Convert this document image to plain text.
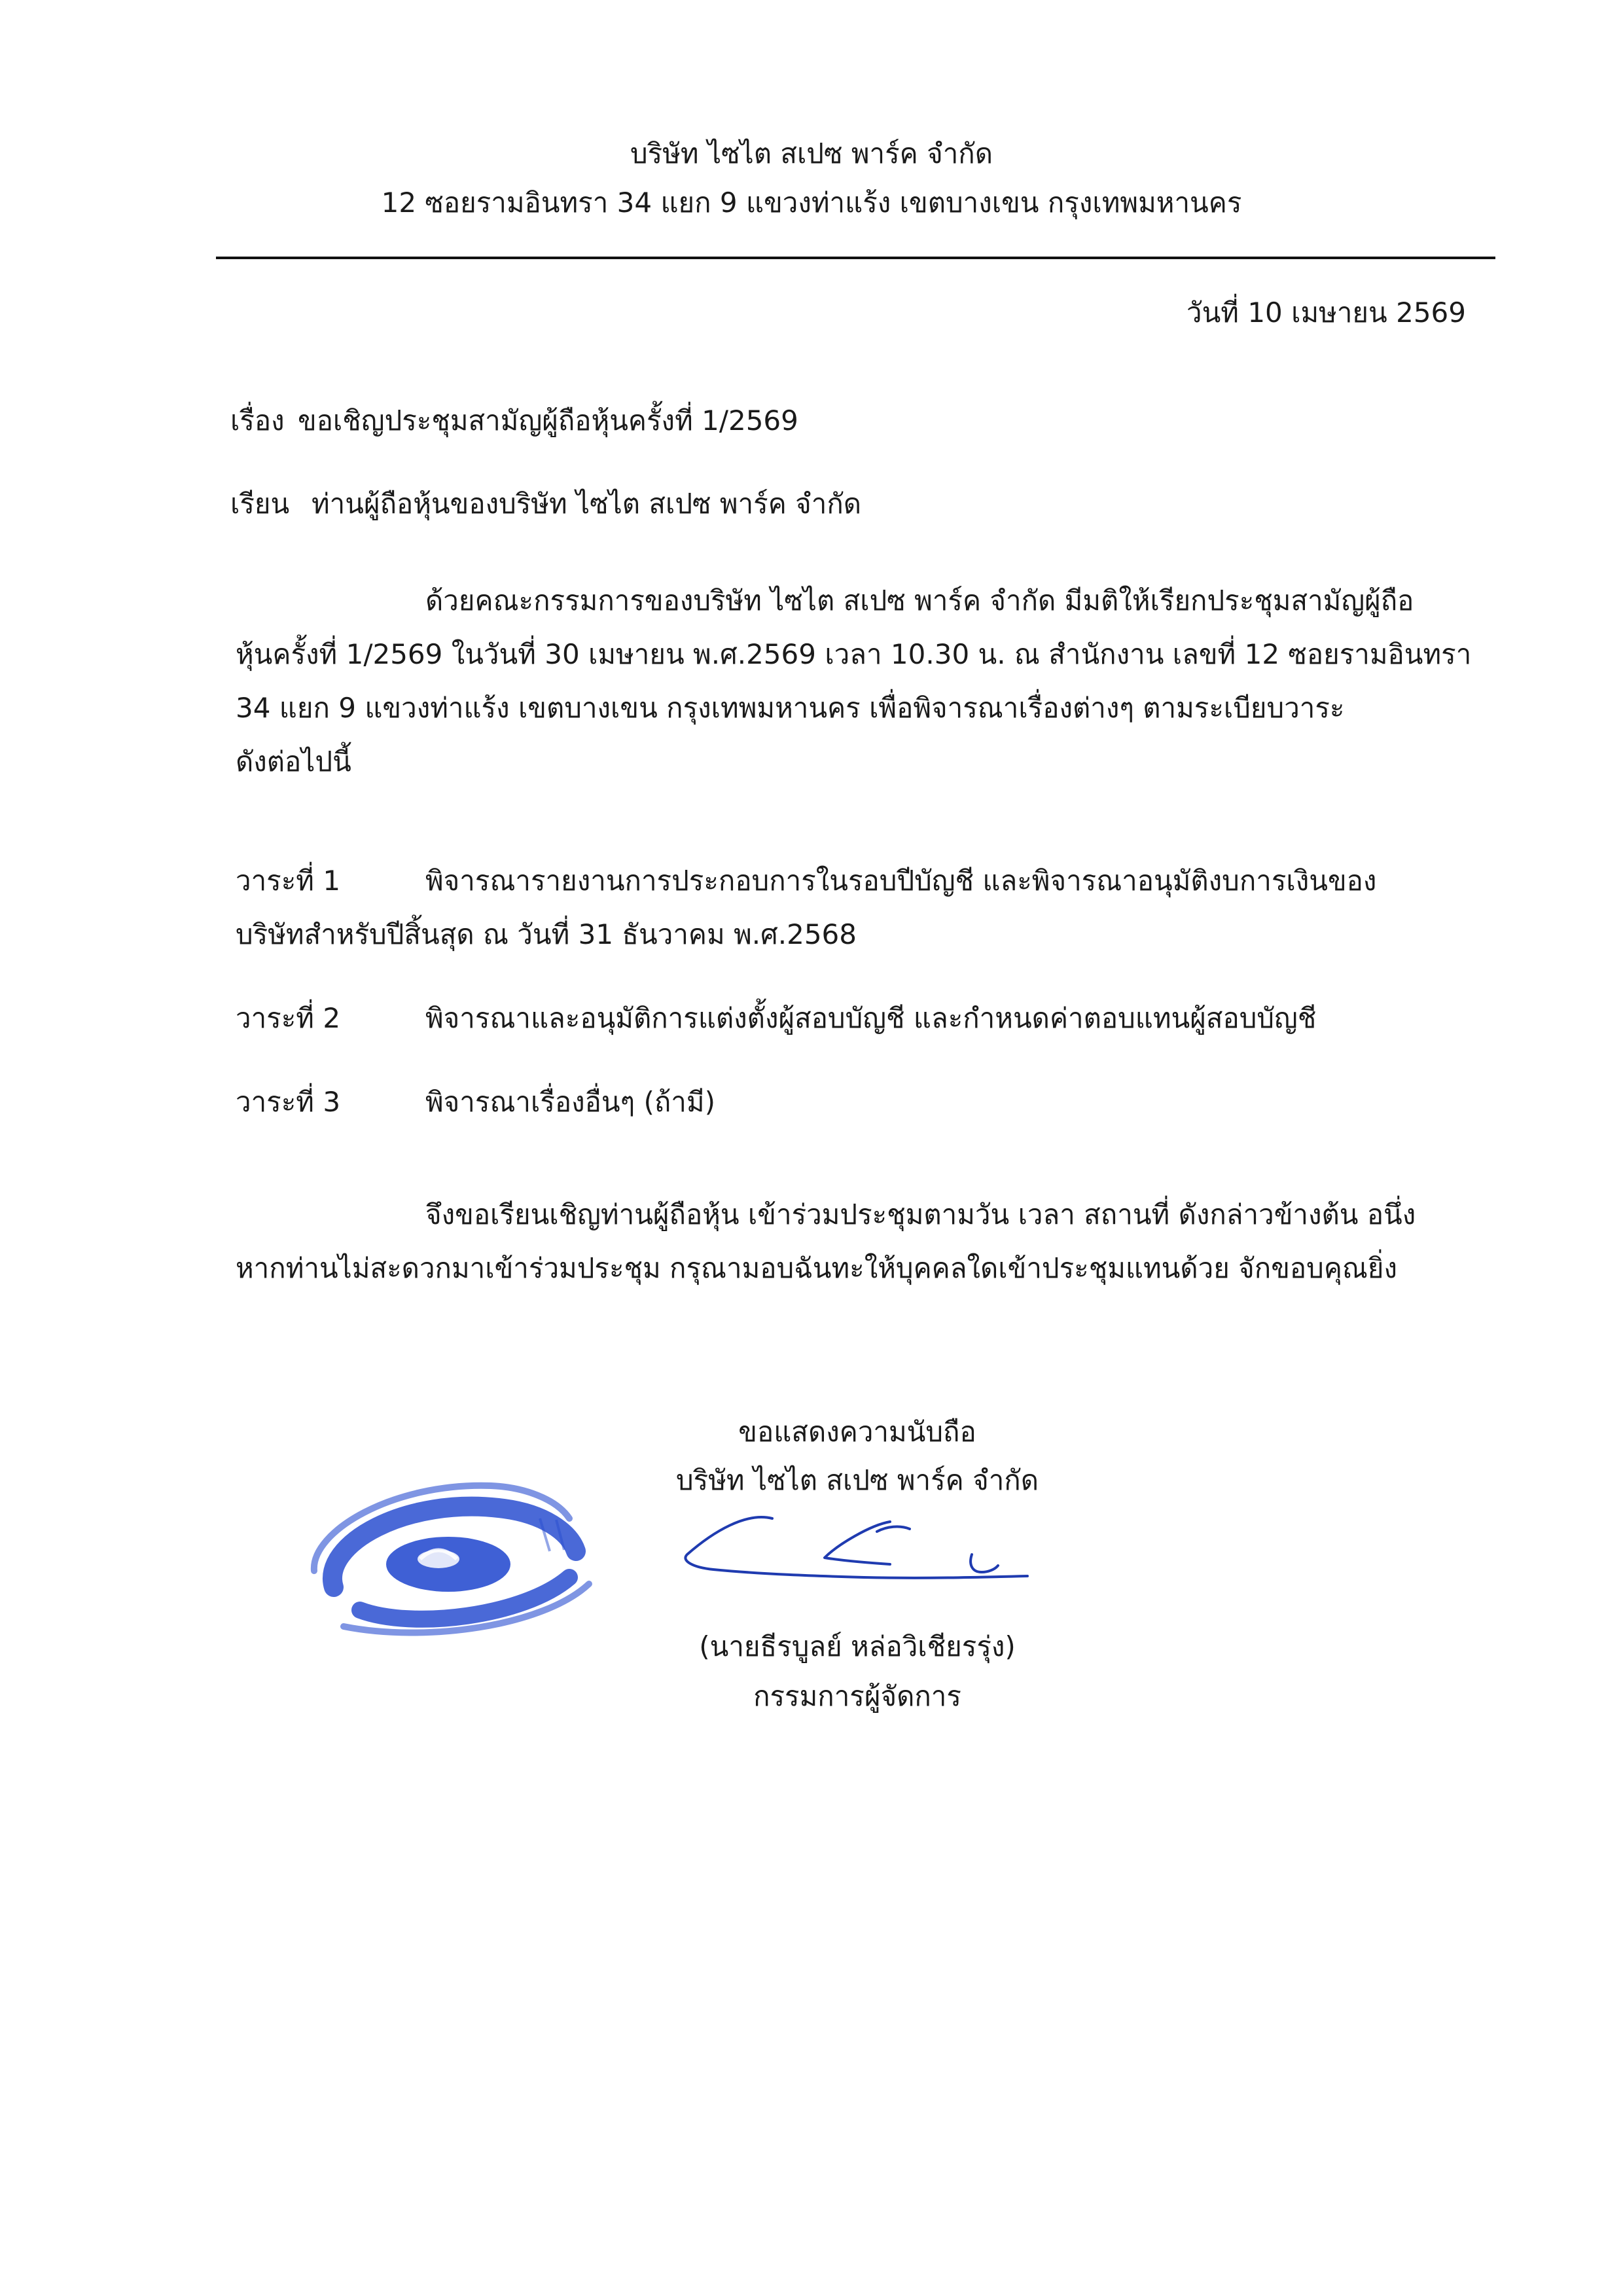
บริษัท ไซไต สเปซ พาร์ค จำกัด
12 ซอยรามอินทรา 34 แยก 9 แขวงท่าแร้ง เขตบางเขน กรุงเทพมหานคร
วันที่ 10 เมษายน 2569
เรื่อง ขอเชิญประชุมสามัญผู้ถือหุ้นครั้งที่ 1/2569
เรียน ท่านผู้ถือหุ้นของบริษัท ไซไต สเปซ พาร์ค จำกัด
ด้วยคณะกรรมการของบริษัท ไซไต สเปซ พาร์ค จำกัด มีมติให้เรียกประชุมสามัญผู้ถือ
หุ้นครั้งที่ 1/2569 ในวันที่ 30 เมษายน พ.ศ.2569 เวลา 10.30 น. ณ สำนักงาน เลขที่ 12 ซอยรามอินทรา
34 แยก 9 แขวงท่าแร้ง เขตบางเขน กรุงเทพมหานคร เพื่อพิจารณาเรื่องต่างๆ ตามระเบียบวาระ
ดังต่อไปนี้
วาระที่ 1	พิจารณารายงานการประกอบการในรอบปีบัญชี และพิจารณาอนุมัติงบการเงินของ
บริษัทสำหรับปีสิ้นสุด ณ วันที่ 31 ธันวาคม พ.ศ.2568
วาระที่ 2	พิจารณาและอนุมัติการแต่งตั้งผู้สอบบัญชี และกำหนดค่าตอบแทนผู้สอบบัญชี
วาระที่ 3	พิจารณาเรื่องอื่นๆ (ถ้ามี)
จึงขอเรียนเชิญท่านผู้ถือหุ้น เข้าร่วมประชุมตามวัน เวลา สถานที่ ดังกล่าวข้างต้น อนึ่ง
หากท่านไม่สะดวกมาเข้าร่วมประชุม กรุณามอบฉันทะให้บุคคลใดเข้าประชุมแทนด้วย จักขอบคุณยิ่ง
ขอแสดงความนับถือ
บริษัท ไซไต สเปซ พาร์ค จำกัด
(นายธีรบูลย์ หล่อวิเชียรรุ่ง)
กรรมการผู้จัดการ
